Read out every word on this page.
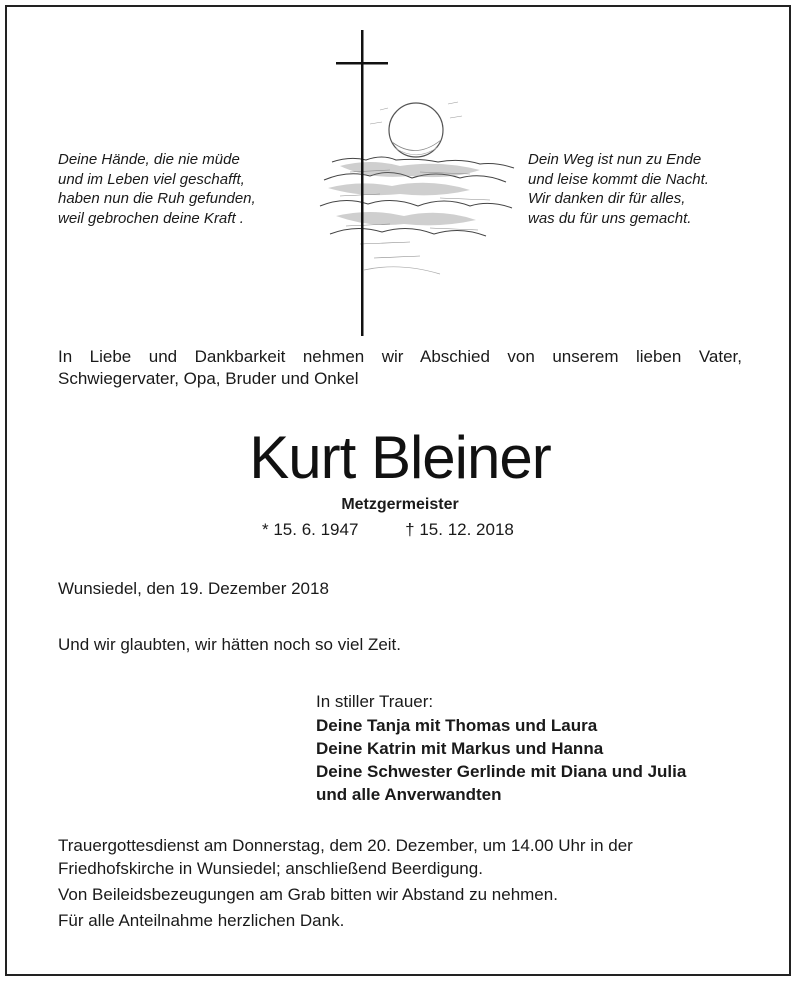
Deine Hände, die nie müde
und im Leben viel geschafft,
haben nun die Ruh gefunden,
weil gebrochen deine Kraft .
Dein Weg ist nun zu Ende
und leise kommt die Nacht.
Wir danken dir für alles,
was du für uns gemacht.
In Liebe und Dankbarkeit nehmen wir Abschied von unserem lieben Vater,
Schwiegervater, Opa, Bruder und Onkel
Kurt Bleiner
Metzgermeister
* 15. 6. 1947	† 15. 12. 2018
Wunsiedel, den 19. Dezember 2018
Und wir glaubten, wir hätten noch so viel Zeit.
In stiller Trauer:
Deine Tanja mit Thomas und Laura
Deine Katrin mit Markus und Hanna
Deine Schwester Gerlinde mit Diana und Julia
und alle Anverwandten
Trauergottesdienst am Donnerstag, dem 20. Dezember, um 14.00 Uhr in der
Friedhofskirche in Wunsiedel; anschließend Beerdigung.
Von Beileidsbezeugungen am Grab bitten wir Abstand zu nehmen.
Für alle Anteilnahme herzlichen Dank.
